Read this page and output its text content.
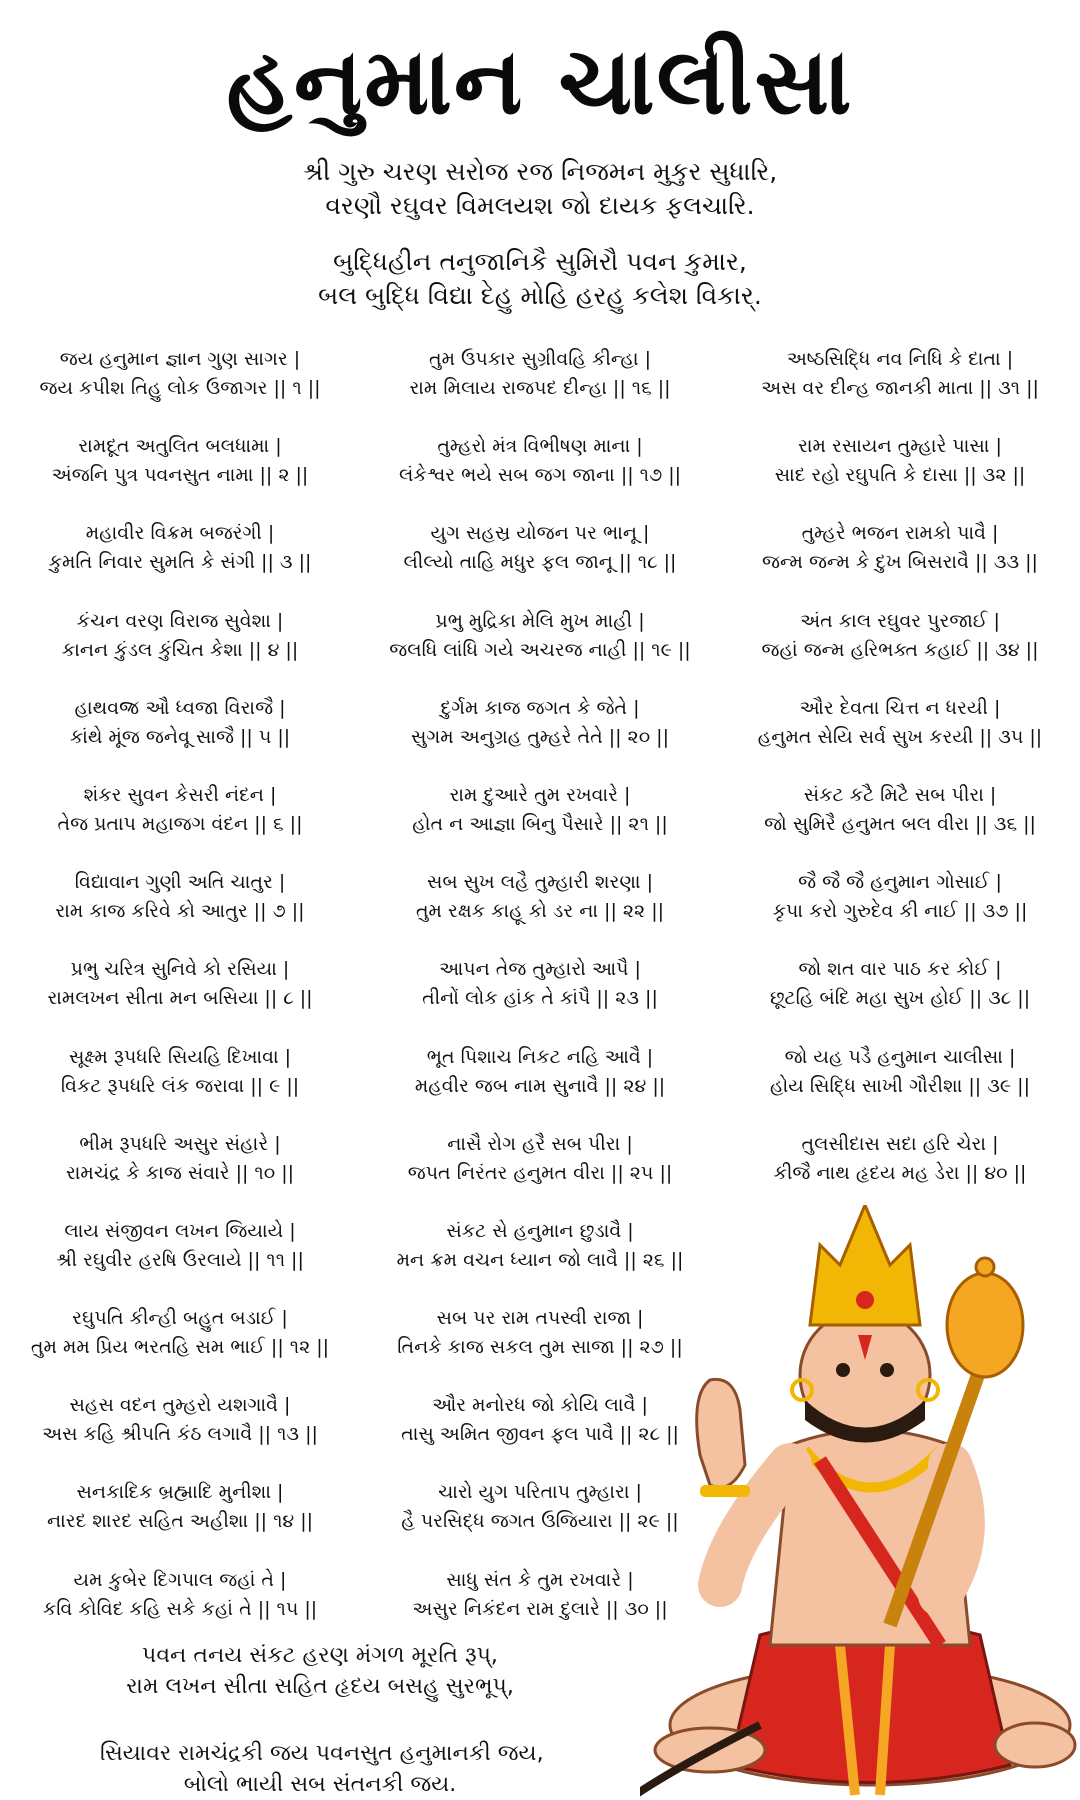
હનુમાન ચાલીસા

શ્રી ગુરુ ચરણ સરોજ રજ નિજમન મુકુર સુધારિ,

વરણૌ રઘુવર વિમલયશ જો દાયક ફલચારિ.

બુદ્ધિહીન તનુજાનિકૈ સુમિરૌ પવન કુમાર,

બલ બુદ્ધિ વિદ્યા દેહુ મોહિ હરહુ કલેશ વિકાર્.

જય હનુમાન જ્ઞાન ગુણ સાગર |

જય કપીશ તિહુ લોક ઉજાગર || ૧ ||

રામદૂત અતુલિત બલધામા |

અંજનિ પુત્ર પવનસુત નામા || ૨ ||

મહાવીર વિક્રમ બજરંગી |

કુમતિ નિવાર સુમતિ કે સંગી || ૩ ||

કંચન વરણ વિરાજ સુવેશા |

કાનન કુંડલ કુંચિત કેશા || ૪ ||

હાથવજ્ર ઔ ધ્વજા વિરાજૈ |

કાંથે મૂંજ જનેવૂ સાજૈ || ૫ ||

શંકર સુવન કેસરી નંદન |

તેજ પ્રતાપ મહાજગ વંદન || ૬ ||

વિદ્યાવાન ગુણી અતિ ચાતુર |

રામ કાજ કરિવે કો આતુર || ૭ ||

પ્રભુ ચરિત્ર સુનિવે કો રસિયા |

રામલખન સીતા મન બસિયા || ૮ ||

સૂક્ષ્મ રૂપધરિ સિયહિ દિખાવા |

વિકટ રૂપધરિ લંક જરાવા || ૯ ||

ભીમ રૂપધરિ અસુર સંહારે |

રામચંદ્ર કે કાજ સંવારે || ૧૦ ||

લાય સંજીવન લખન જિયાયે |

શ્રી રઘુવીર હરષિ ઉરલાયે || ૧૧ ||

રઘુપતિ કીન્હી બહુત બડાઈ |

તુમ મમ પ્રિય ભરતહિ સમ ભાઈ || ૧૨ ||

સહસ વદન તુમ્હરો યશગાવૈ |

અસ કહિ શ્રીપતિ કંઠ લગાવૈ || ૧૩ ||

સનકાદિક બ્રહ્માદિ મુનીશા |

નારદ શારદ સહિત અહીશા || ૧૪ ||

યમ કુબેર દિગપાલ જહાં તે |

કવિ કોવિદ કહિ સકે કહાં તે || ૧૫ ||

તુમ ઉપકાર સુગ્રીવહિ કીન્હા |

રામ મિલાય રાજપદ દીન્હા || ૧૬ ||

તુમ્હરો મંત્ર વિભીષણ માના |

લંકેશ્વર ભયે સબ જગ જાના || ૧૭ ||

યુગ સહસ્ર યોજન પર ભાનૂ |

લીલ્યો તાહિ મધુર ફલ જાનૂ || ૧૮ ||

પ્રભુ મુદ્રિકા મેલિ મુખ માહી |

જલધિ લાંધિ ગયે અચરજ નાહી || ૧૯ ||

દુર્ગમ કાજ જગત કે જેતે |

સુગમ અનુગ્રહ તુમ્હરે તેતે || ૨૦ ||

રામ દુઆરે તુમ રખવારે |

હોત ન આજ્ઞા બિનુ પૈસારે || ૨૧ ||

સબ સુખ લહૈ તુમ્હારી શરણા |

તુમ રક્ષક કાહૂ કો ડર ના || ૨૨ ||

આપન તેજ તુમ્હારો આપૈ |

તીનોં લોક હાંક તે કાંપૈ || ૨૩ ||

ભૂત પિશાચ નિકટ નહિ આવૈ |

મહવીર જબ નામ સુનાવૈ || ૨૪ ||

નાસૈ રોગ હરૈ સબ પીરા |

જપત નિરંતર હનુમત વીરા || ૨૫ ||

સંકટ સે હનુમાન છુડાવૈ |

મન ક્રમ વચન ધ્યાન જો લાવૈ || ૨૬ ||

સબ પર રામ તપસ્વી રાજા |

તિનકે કાજ સકલ તુમ સાજા || ૨૭ ||

ઔર મનોરધ જો કોયિ લાવૈ |

તાસુ અમિત જીવન ફલ પાવૈ || ૨૮ ||

ચારો યુગ પરિતાપ તુમ્હારા |

હૈ પરસિદ્ધ જગત ઉજિયારા || ૨૯ ||

સાધુ સંત કે તુમ રખવારે |

અસુર નિકંદન રામ દુલારે || ૩૦ ||

અષ્ઠસિદ્ધિ નવ નિધિ કે દાતા |

અસ વર દીન્હ જાનકી માતા || ૩૧ ||

રામ રસાયન તુમ્હારે પાસા |

સાદ રહો રઘુપતિ કે દાસા || ૩૨ ||

તુમ્હરે ભજન રામકો પાવૈ |

જન્મ જન્મ કે દુખ બિસરાવૈ || ૩૩ ||

અંત કાલ રઘુવર પુરજાઈ |

જહાં જન્મ હરિભક્ત કહાઈ || ૩૪ ||

ઔર દેવતા ચિત્ત ન ધરયી |

હનુમત સેયિ સર્વ સુખ કરયી || ૩૫ ||

સંકટ કટૈ મિટૈ સબ પીરા |

જો સુમિરૈ હનુમત બલ વીરા || ૩૬ ||

જૈ જૈ જૈ હનુમાન ગોસાઈ |

કૃપા કરો ગુરુદેવ કી નાઈ || ૩૭ ||

જો શત વાર પાઠ કર કોઈ |

છૂટહિ બંદિ મહા સુખ હોઈ || ૩૮ ||

જો યહ પડૈ હનુમાન ચાલીસા |

હોય સિદ્ધિ સાખી ગૌરીશા || ૩૯ ||

તુલસીદાસ સદા હરિ ચેરા |

કીજૈ નાથ હૃદય મહ ડેરા || ૪૦ ||

પવન તનય સંકટ હરણ મંગળ મૂરતિ રૂપ્,

રામ લખન સીતા સહિત હૃદય બસહુ સુરભૂપ્,

સિયાવર રામચંદ્રકી જય પવનસુત હનુમાનકી જય,

બોલો ભાયી સબ સંતનકી જય.
